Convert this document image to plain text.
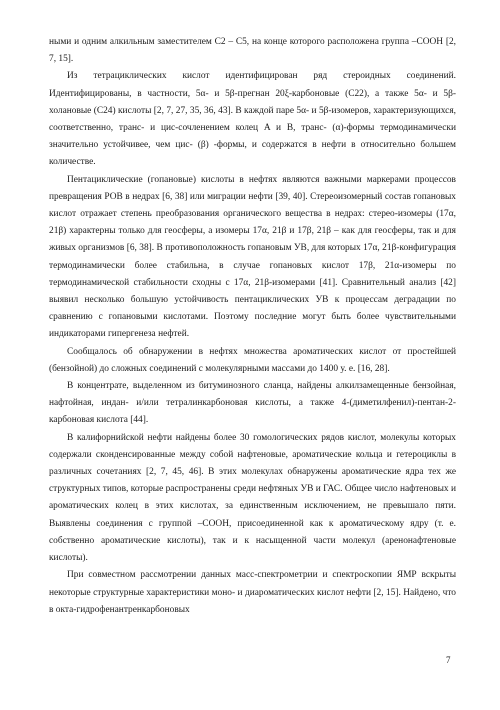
ными и одним алкильным заместителем C2 – C5, на конце которого расположена группа –COOH [2, 7, 15].

Из тетрациклических кислот идентифицирован ряд стероидных соединений. Идентифицированы, в частности, 5α- и 5β-прегнан 20ξ-карбоновые (C22), а также 5α- и 5β-холановые (C24) кислоты [2, 7, 27, 35, 36, 43]. В каждой паре 5α- и 5β-изомеров, характеризующихся, соответственно, транс- и цис-сочленением колец A и B, транс- (α)-формы термодинамически значительно устойчивее, чем цис- (β) -формы, и содержатся в нефти в относительно большем количестве.

Пентациклические (гопановые) кислоты в нефтях являются важными маркерами процессов превращения РОВ в недрах [6, 38] или миграции нефти [39, 40]. Стереоизомерный состав гопановых кислот отражает степень преобразования органического вещества в недрах: стерео-изомеры (17α, 21β) характерны только для геосферы, а изомеры 17α, 21β и 17β, 21β – как для геосферы, так и для живых организмов [6, 38]. В противоположность гопановым УВ, для которых 17α, 21β-конфигурация термодинамически более стабильна, в случае гопановых кислот 17β, 21α-изомеры по термодинамической стабильности сходны с 17α, 21β-изомерами [41]. Сравнительный анализ [42] выявил несколько большую устойчивость пентациклических УВ к процессам деградации по сравнению с гопановыми кислотами. Поэтому последние могут быть более чувствительными индикаторами гипергенеза нефтей.

Сообщалось об обнаружении в нефтях множества ароматических кислот от простейшей (бензойной) до сложных соединений с молекулярными массами до 1400 у. е. [16, 28].

В концентрате, выделенном из битуминозного сланца, найдены алкилзамещенные бензойная, нафтойная, индан- и/или тетралинкарбоновая кислоты, а также 4-(диметилфенил)-пентан-2-карбоновая кислота [44].

В калифорнийской нефти найдены более 30 гомологических рядов кислот, молекулы которых содержали сконденсированные между собой нафтеновые, ароматические кольца и гетероциклы в различных сочетаниях [2, 7, 45, 46]. В этих молекулах обнаружены ароматические ядра тех же структурных типов, которые распространены среди нефтяных УВ и ГАС. Общее число нафтеновых и ароматических колец в этих кислотах, за единственным исключением, не превышало пяти. Выявлены соединения с группой –COOH, присоединенной как к ароматическому ядру (т. е. собственно ароматические кислоты), так и к насыщенной части молекул (аренонафтеновые кислоты).

При совместном рассмотрении данных масс-спектрометрии и спектроскопии ЯМР вскрыты некоторые структурные характеристики моно- и диароматических кислот нефти [2, 15]. Найдено, что в окта-гидрофенантренкарбоновых

7
